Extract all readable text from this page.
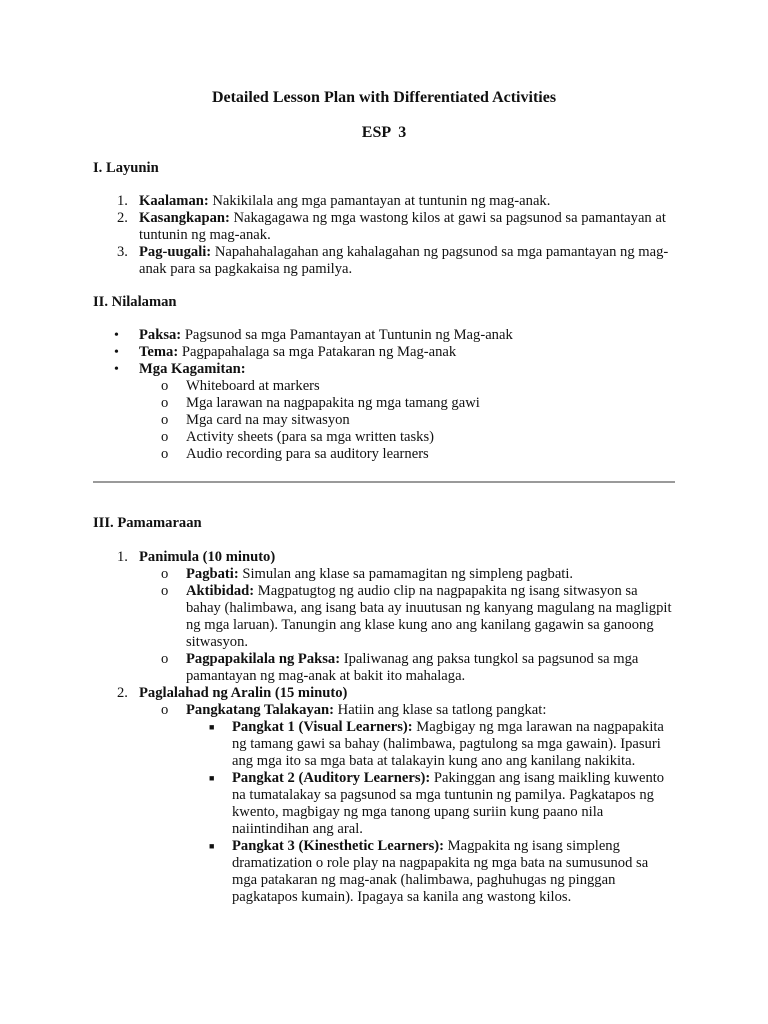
Detailed Lesson Plan with Differentiated Activities
ESP 3
I. Layunin
1. Kaalaman: Nakikilala ang mga pamantayan at tuntunin ng mag-anak.
2. Kasangkapan: Nakagagawa ng mga wastong kilos at gawi sa pagsunod sa pamantayan at tuntunin ng mag-anak.
3. Pag-uugali: Napahahalagahan ang kahalagahan ng pagsunod sa mga pamantayan ng mag-anak para sa pagkakaisa ng pamilya.
II. Nilalaman
• Paksa: Pagsunod sa mga Pamantayan at Tuntunin ng Mag-anak
• Tema: Pagpapahalaga sa mga Patakaran ng Mag-anak
• Mga Kagamitan:
o Whiteboard at markers
o Mga larawan na nagpapakita ng mga tamang gawi
o Mga card na may sitwasyon
o Activity sheets (para sa mga written tasks)
o Audio recording para sa auditory learners
III. Pamamaraan
1. Panimula (10 minuto)
o Pagbati: Simulan ang klase sa pamamagitan ng simpleng pagbati.
o Aktibidad: Magpatugtog ng audio clip na nagpapakita ng isang sitwasyon sa bahay (halimbawa, ang isang bata ay inuutusan ng kanyang magulang na magligpit ng mga laruan). Tanungin ang klase kung ano ang kanilang gagawin sa ganoong sitwasyon.
o Pagpapakilala ng Paksa: Ipaliwanag ang paksa tungkol sa pagsunod sa mga pamantayan ng mag-anak at bakit ito mahalaga.
2. Paglalahad ng Aralin (15 minuto)
o Pangkatang Talakayan: Hatiin ang klase sa tatlong pangkat:
■ Pangkat 1 (Visual Learners): Magbigay ng mga larawan na nagpapakita ng tamang gawi sa bahay (halimbawa, pagtulong sa mga gawain). Ipasuri ang mga ito sa mga bata at talakayin kung ano ang kanilang nakikita.
■ Pangkat 2 (Auditory Learners): Pakinggan ang isang maikling kuwento na tumatalakay sa pagsunod sa mga tuntunin ng pamilya. Pagkatapos ng kwento, magbigay ng mga tanong upang suriin kung paano nila naiintindihan ang aral.
■ Pangkat 3 (Kinesthetic Learners): Magpakita ng isang simpleng dramatization o role play na nagpapakita ng mga bata na sumusunod sa mga patakaran ng mag-anak (halimbawa, paghuhugas ng pinggan pagkatapos kumain). Ipagaya sa kanila ang wastong kilos.
